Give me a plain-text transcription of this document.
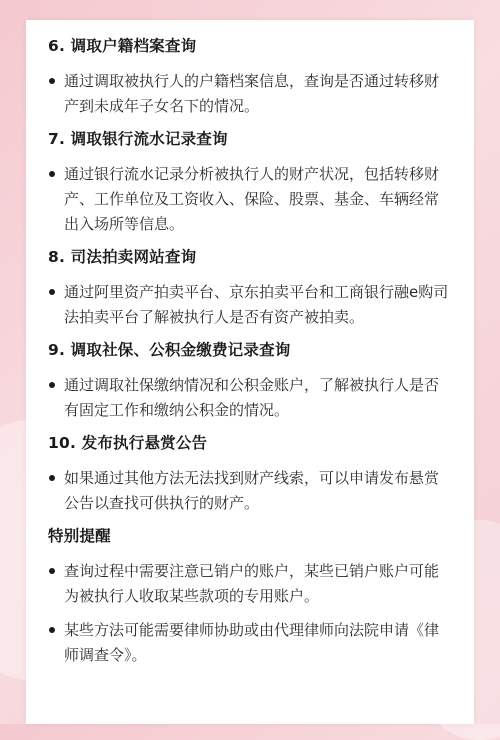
6. 调取户籍档案查询
通过调取被执行人的户籍档案信息，查询是否通过转移财产到未成年子女名下的情况。
7. 调取银行流水记录查询
通过银行流水记录分析被执行人的财产状况，包括转移财产、工作单位及工资收入、保险、股票、基金、车辆经常出入场所等信息。
8. 司法拍卖网站查询
通过阿里资产拍卖平台、京东拍卖平台和工商银行融e购司法拍卖平台了解被执行人是否有资产被拍卖。
9. 调取社保、公积金缴费记录查询
通过调取社保缴纳情况和公积金账户，了解被执行人是否有固定工作和缴纳公积金的情况。
10. 发布执行悬赏公告
如果通过其他方法无法找到财产线索，可以申请发布悬赏公告以查找可供执行的财产。
特别提醒
查询过程中需要注意已销户的账户，某些已销户账户可能为被执行人收取某些款项的专用账户。
某些方法可能需要律师协助或由代理律师向法院申请《律师调查令》。
